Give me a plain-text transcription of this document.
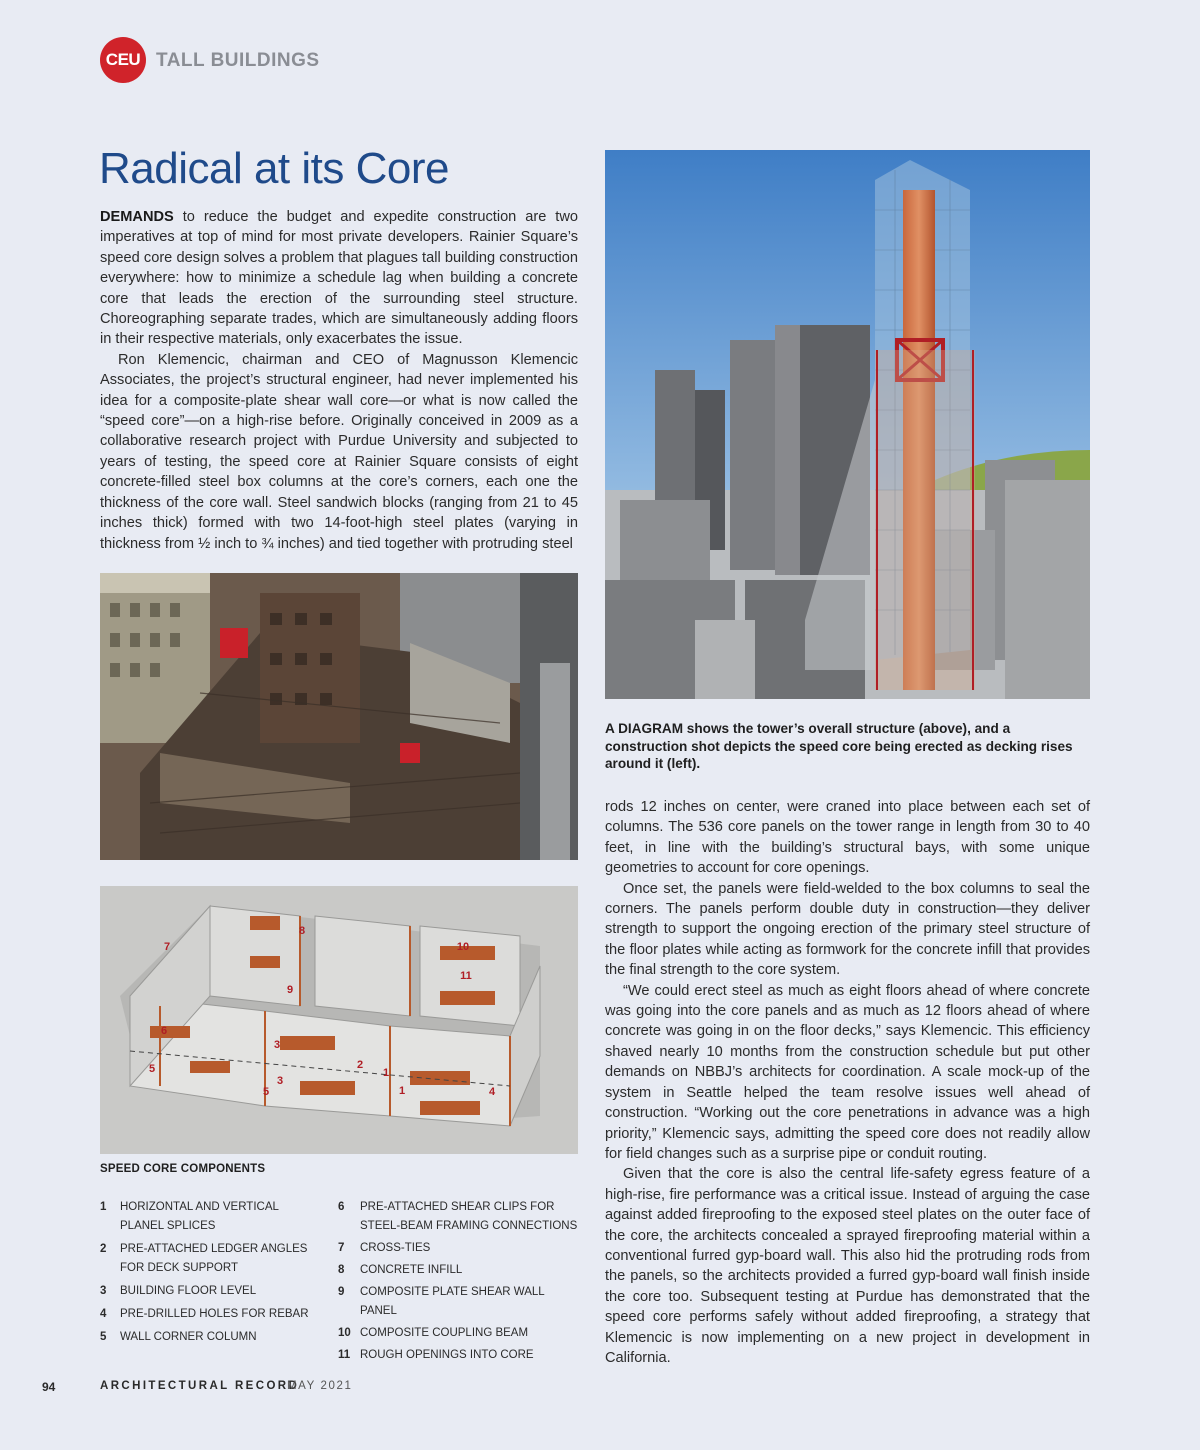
CEU TALL BUILDINGS
Radical at its Core

DEMANDS to reduce the budget and expedite construction are two imperatives at top of mind for most private developers. Rainier Square’s speed core design solves a problem that plagues tall building construction everywhere: how to minimize a schedule lag when building a concrete core that leads the erection of the surrounding steel structure. Choreographing separate trades, which are simultaneously adding floors in their respective materials, only exacerbates the issue.

Ron Klemencic, chairman and CEO of Magnusson Klemencic Associates, the project’s structural engineer, had never implemented his idea for a composite-plate shear wall core—or what is now called the “speed core”—on a high-rise before. Originally conceived in 2009 as a collaborative research project with Purdue University and subjected to years of testing, the speed core at Rainier Square consists of eight concrete-filled steel box columns at the core’s corners, each one the thickness of the core wall. Steel sandwich blocks (ranging from 21 to 45 inches thick) formed with two 14-foot-high steel plates (varying in thickness from ½ inch to ¾ inches) and tied together with protruding steel

A DIAGRAM shows the tower’s overall structure (above), and a construction shot depicts the speed core being erected as decking rises around it (left).
1
1
2
3
3
4
5
5
6
7
8
9
10
11
SPEED CORE COMPONENTS
1	HORIZONTAL AND VERTICAL PLANEL SPLICES
2	PRE-ATTACHED LEDGER ANGLES FOR DECK SUPPORT
3	BUILDING FLOOR LEVEL
4	PRE-DRILLED HOLES FOR REBAR
5	WALL CORNER COLUMN
6	PRE-ATTACHED SHEAR CLIPS FOR STEEL-BEAM FRAMING CONNECTIONS
7	CROSS-TIES
8	CONCRETE INFILL
9	COMPOSITE PLATE SHEAR WALL PANEL
10 COMPOSITE COUPLING BEAM
11 ROUGH OPENINGS INTO CORE

rods 12 inches on center, were craned into place between each set of columns. The 536 core panels on the tower range in length from 30 to 40 feet, in line with the building’s structural bays, with some unique geometries to account for core openings.

Once set, the panels were field-welded to the box columns to seal the corners. The panels perform double duty in construction—they deliver strength to support the ongoing erection of the primary steel structure of the floor plates while acting as formwork for the concrete infill that provides the final strength to the core system.

“We could erect steel as much as eight floors ahead of where concrete was going into the core panels and as much as 12 floors ahead of where concrete was going in on the floor decks,” says Klemencic. This efficiency shaved nearly 10 months from the construction schedule but put other demands on NBBJ’s architects for coordination. A scale mock-up of the system in Seattle helped the team resolve issues well ahead of construction. “Working out the core penetrations in advance was a high priority,” Klemencic says, admitting the speed core does not readily allow for field changes such as a surprise pipe or conduit routing.

Given that the core is also the central life-safety egress feature of a high-rise, fire performance was a critical issue. Instead of arguing the case against added fireproofing to the exposed steel plates on the outer face of the core, the architects concealed a sprayed fireproofing material within a conventional furred gyp-board wall. This also hid the protruding rods from the panels, so the architects provided a furred gyp-board wall finish inside the core too. Subsequent testing at Purdue has demonstrated that the speed core performs safely without added fireproofing, a strategy that Klemencic is now implementing on a new project in development in California.

94	ARCHITECTURAL RECORD
MAY 2021
